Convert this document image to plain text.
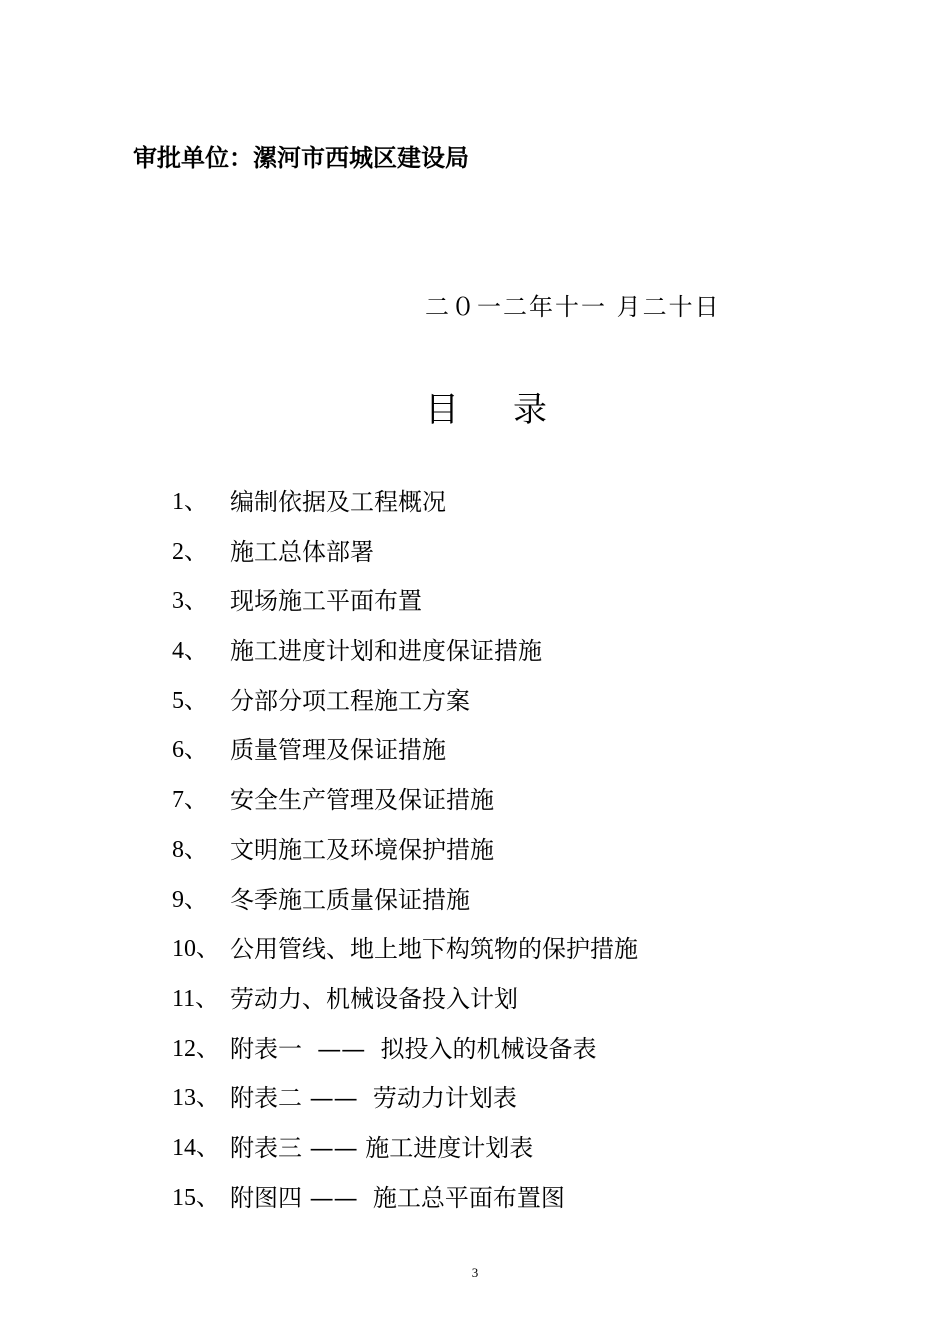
审批单位：漯河市西城区建设局
二０一二年十一 月二十日
目 录
1、 编制依据及工程概况
2、 施工总体部署
3、 现场施工平面布置
4、 施工进度计划和进度保证措施
5、 分部分项工程施工方案
6、 质量管理及保证措施
7、 安全生产管理及保证措施
8、 文明施工及环境保护措施
9、 冬季施工质量保证措施
10、 公用管线、地上地下构筑物的保护措施
11、 劳动力、机械设备投入计划
12、 附表一  ——  拟投入的机械设备表
13、 附表二 ——  劳动力计划表
14、 附表三 —— 施工进度计划表
15、 附图四 ——  施工总平面布置图
3
